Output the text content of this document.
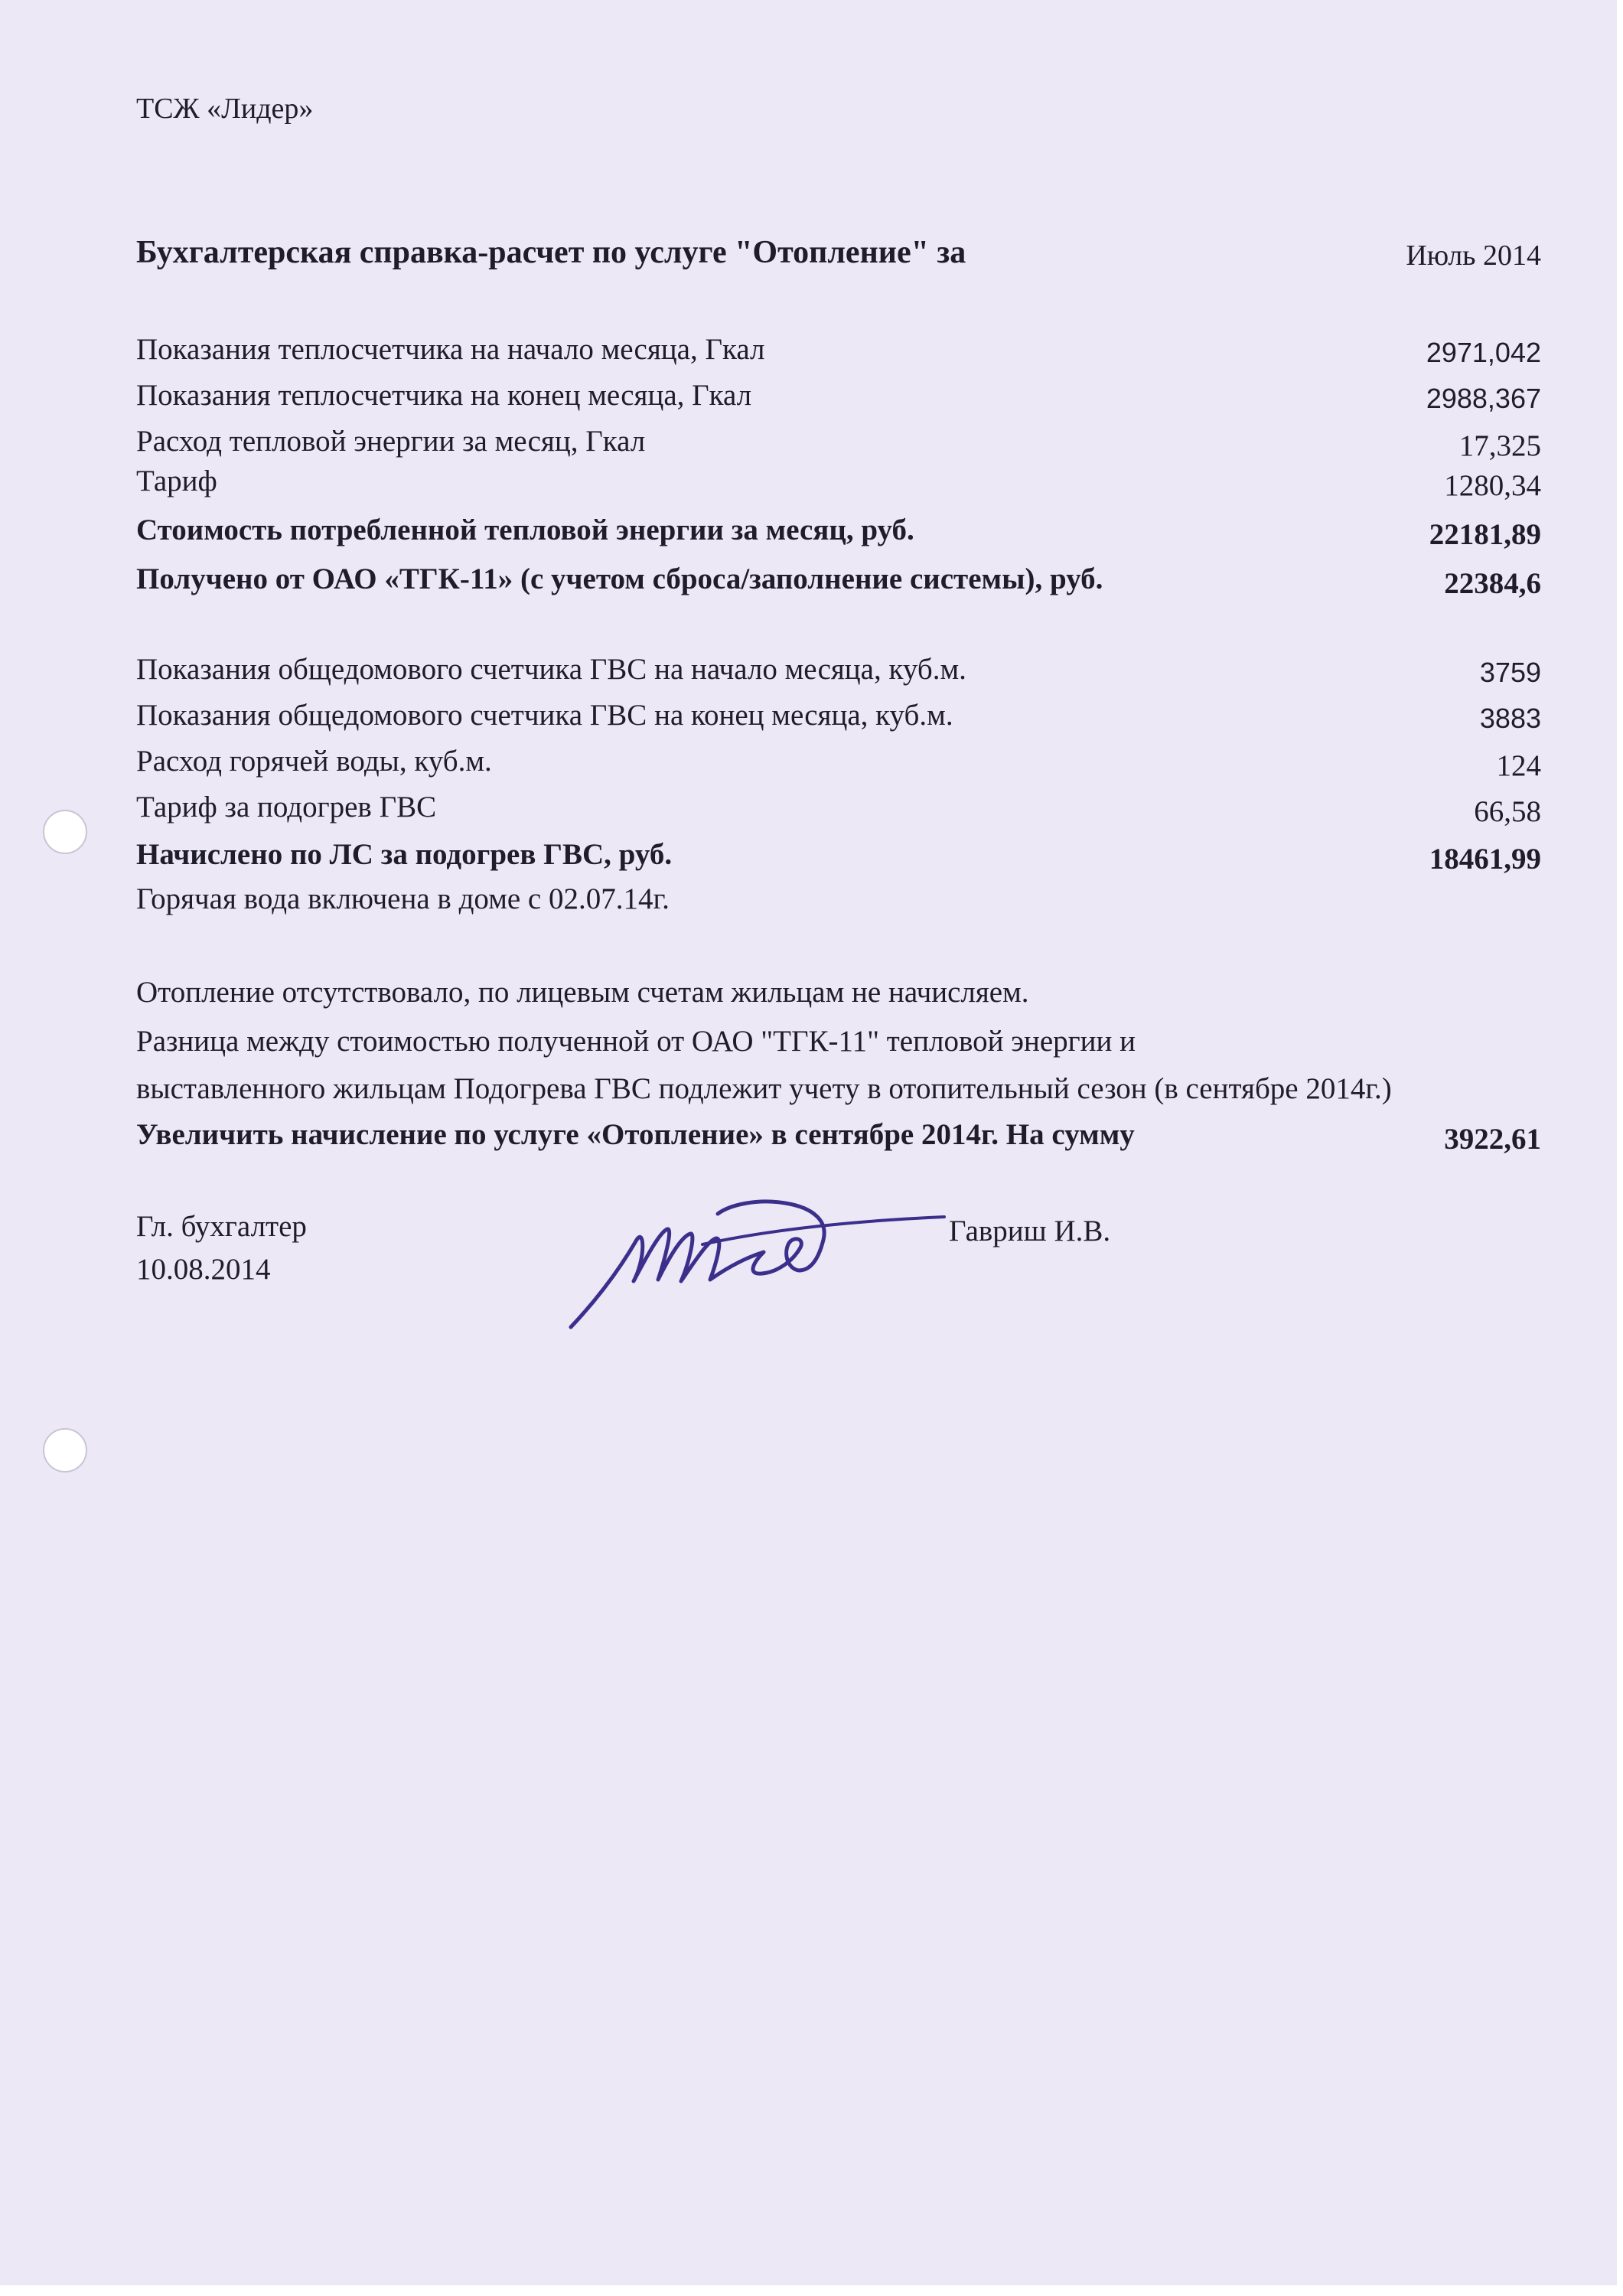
ТСЖ «Лидер»
Бухгалтерская справка-расчет по услуге "Отопление" за	Июль 2014
Показания теплосчетчика на начало месяца, Гкал	2971,042
Показания теплосчетчика на конец месяца, Гкал	2988,367
Расход тепловой энергии за месяц, Гкал	17,325
Тариф	1280,34
Стоимость потребленной тепловой энергии за месяц, руб.	22181,89
Получено от ОАО «ТГК-11» (с учетом сброса/заполнение системы), руб.	22384,6
Показания общедомового счетчика ГВС на начало месяца, куб.м.	3759
Показания общедомового счетчика ГВС на конец месяца, куб.м.	3883
Расход горячей воды, куб.м.	124
Тариф за подогрев ГВС	66,58
Начислено по ЛС за подогрев ГВС, руб.	18461,99
Горячая вода включена в доме с 02.07.14г.
Отопление отсутствовало, по лицевым счетам жильцам не начисляем.
Разница между стоимостью полученной от ОАО "ТГК-11" тепловой энергии и
выставленного жильцам Подогрева ГВС подлежит учету в отопительный сезон (в сентябре 2014г.)
Увеличить начисление по услуге «Отопление» в сентябре 2014г. На сумму	3922,61
Гл. бухгалтер
10.08.2014
Гавриш И.В.
